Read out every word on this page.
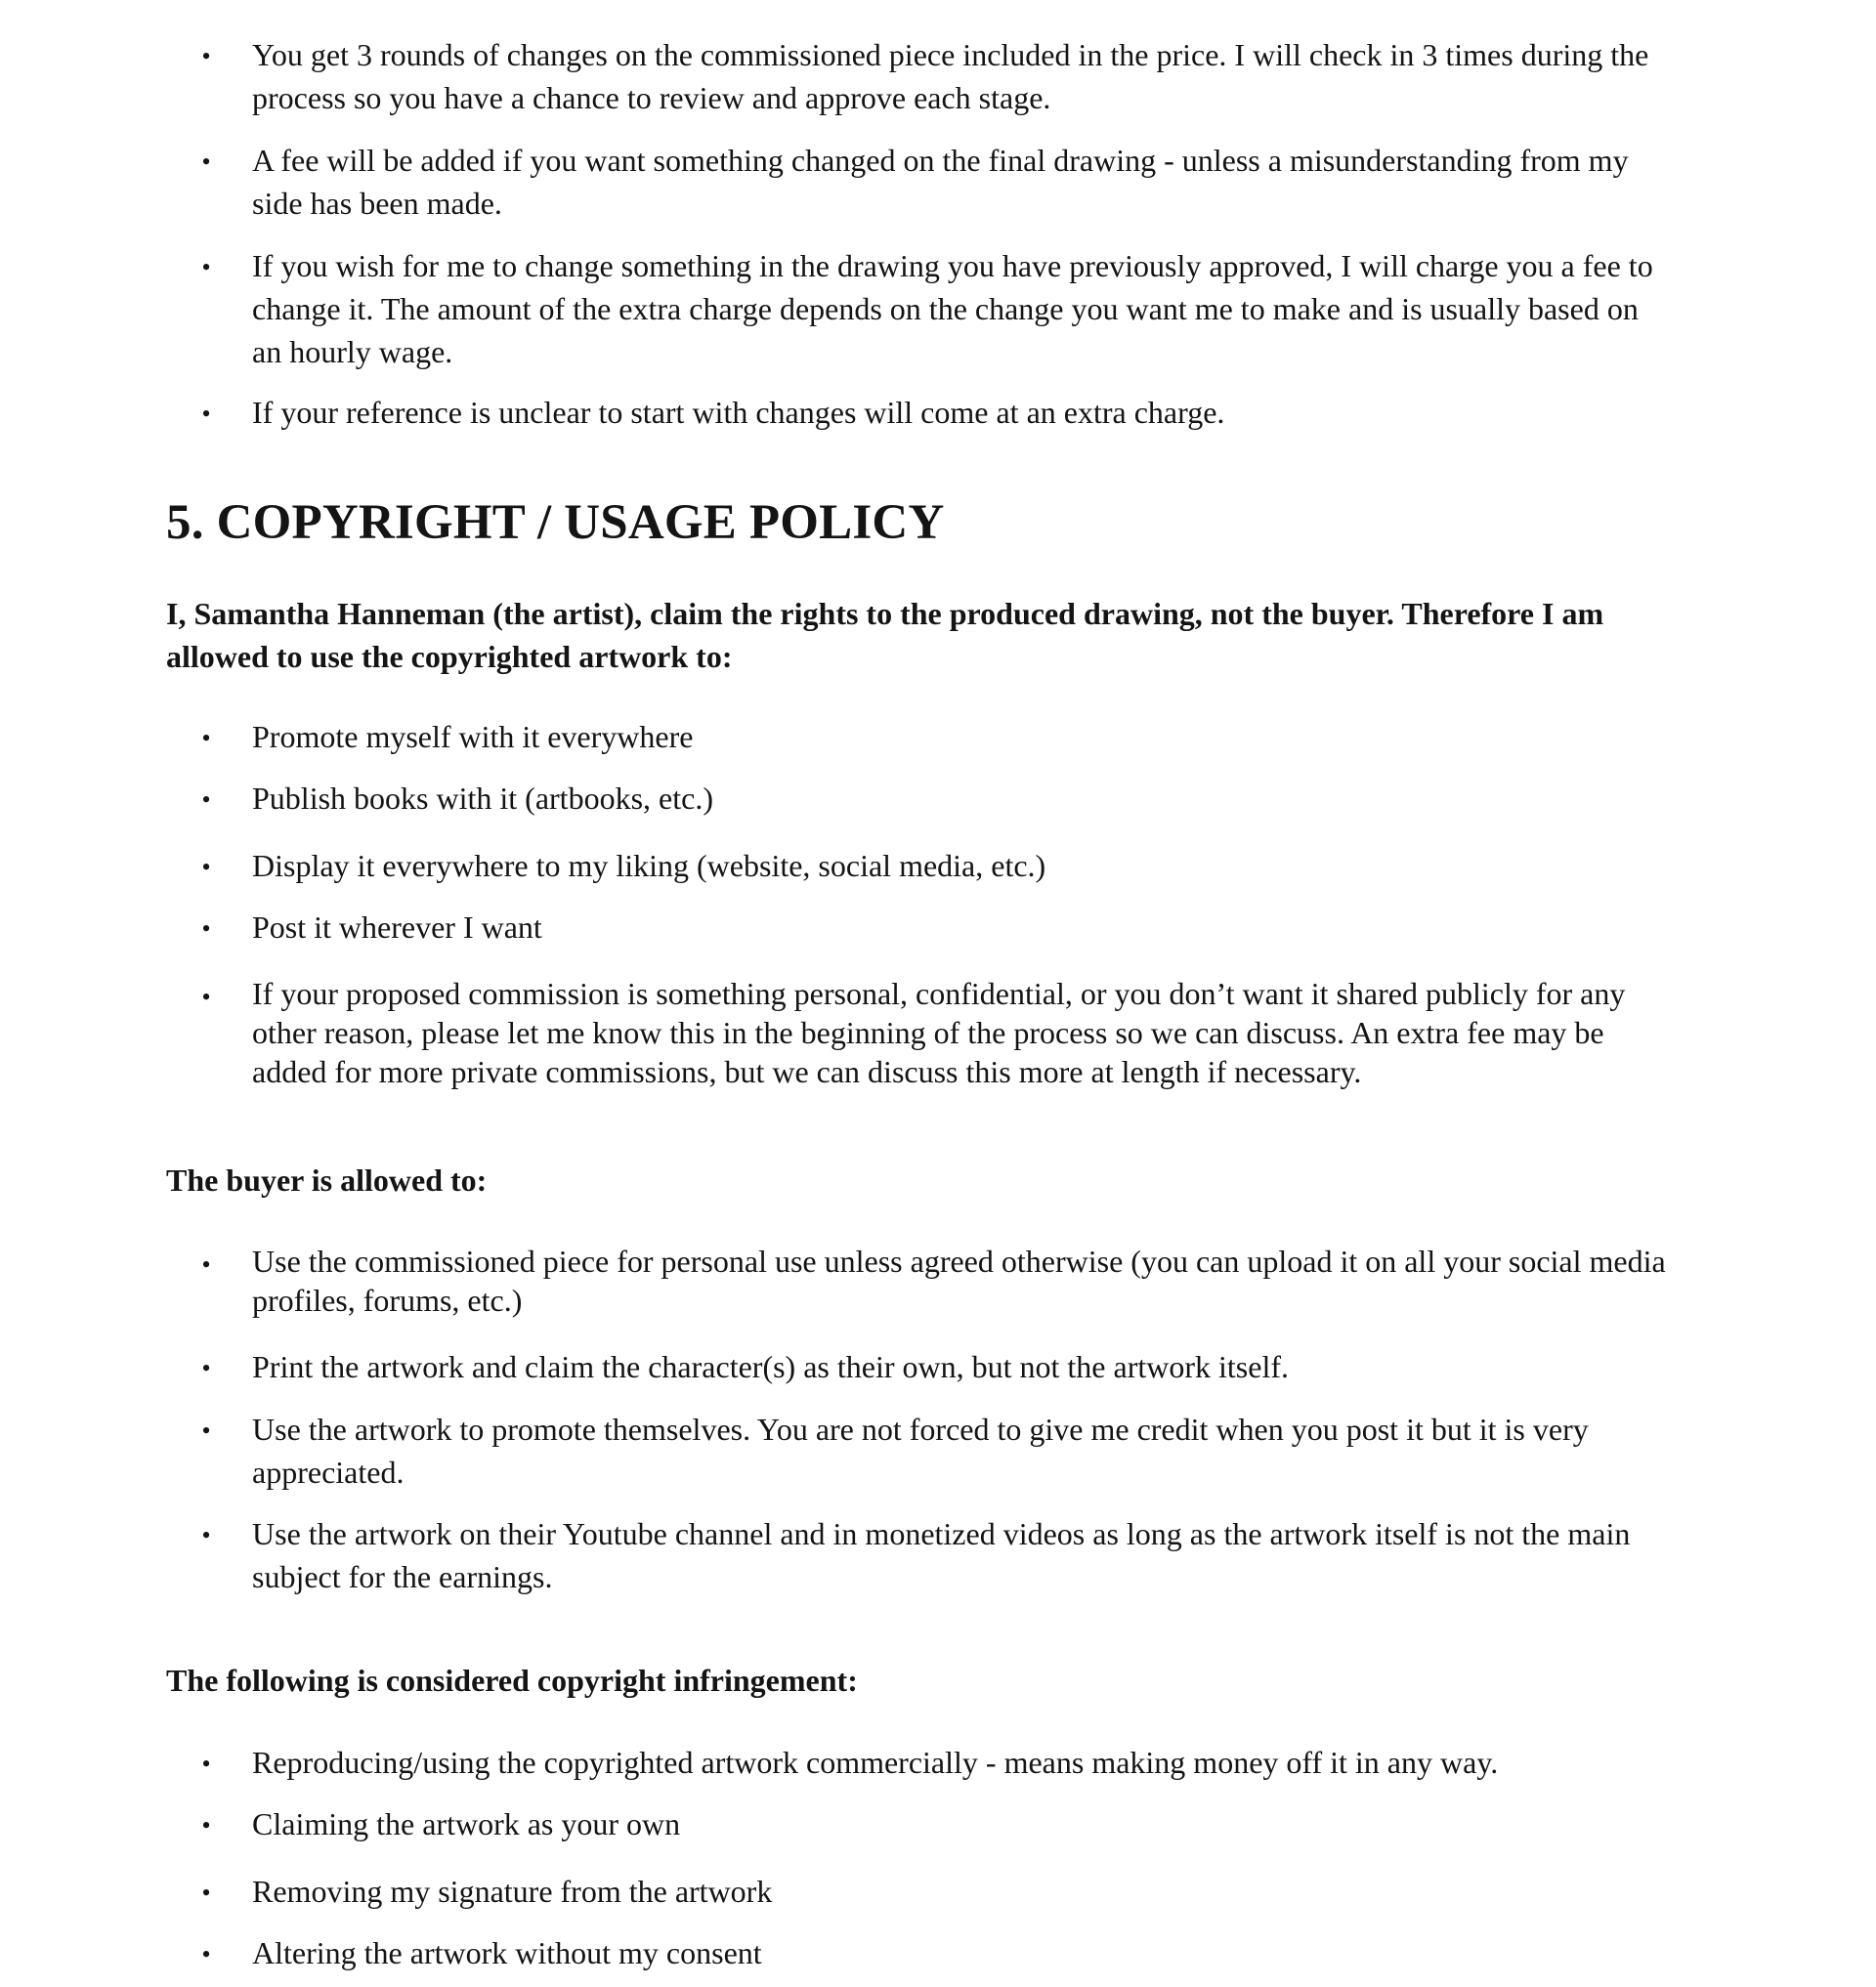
• You get 3 rounds of changes on the commissioned piece included in the price. I will check in 3 times during the process so you have a chance to review and approve each stage.

• A fee will be added if you want something changed on the final drawing - unless a misunderstanding from my side has been made.

• If you wish for me to change something in the drawing you have previously approved, I will charge you a fee to change it. The amount of the extra charge depends on the change you want me to make and is usually based on an hourly wage.

• If your reference is unclear to start with changes will come at an extra charge.

5. COPYRIGHT / USAGE POLICY

I, Samantha Hanneman (the artist), claim the rights to the produced drawing, not the buyer. Therefore I am allowed to use the copyrighted artwork to:

• Promote myself with it everywhere

• Publish books with it (artbooks, etc.)

• Display it everywhere to my liking (website, social media, etc.)

• Post it wherever I want

• If your proposed commission is something personal, confidential, or you don’t want it shared publicly for any other reason, please let me know this in the beginning of the process so we can discuss. An extra fee may be added for more private commissions, but we can discuss this more at length if necessary.

The buyer is allowed to:

• Use the commissioned piece for personal use unless agreed otherwise (you can upload it on all your social media profiles, forums, etc.)

• Print the artwork and claim the character(s) as their own, but not the artwork itself.

• Use the artwork to promote themselves. You are not forced to give me credit when you post it but it is very appreciated.

• Use the artwork on their Youtube channel and in monetized videos as long as the artwork itself is not the main subject for the earnings.

The following is considered copyright infringement:

• Reproducing/using the copyrighted artwork commercially - means making money off it in any way.

• Claiming the artwork as your own

• Removing my signature from the artwork

• Altering the artwork without my consent
